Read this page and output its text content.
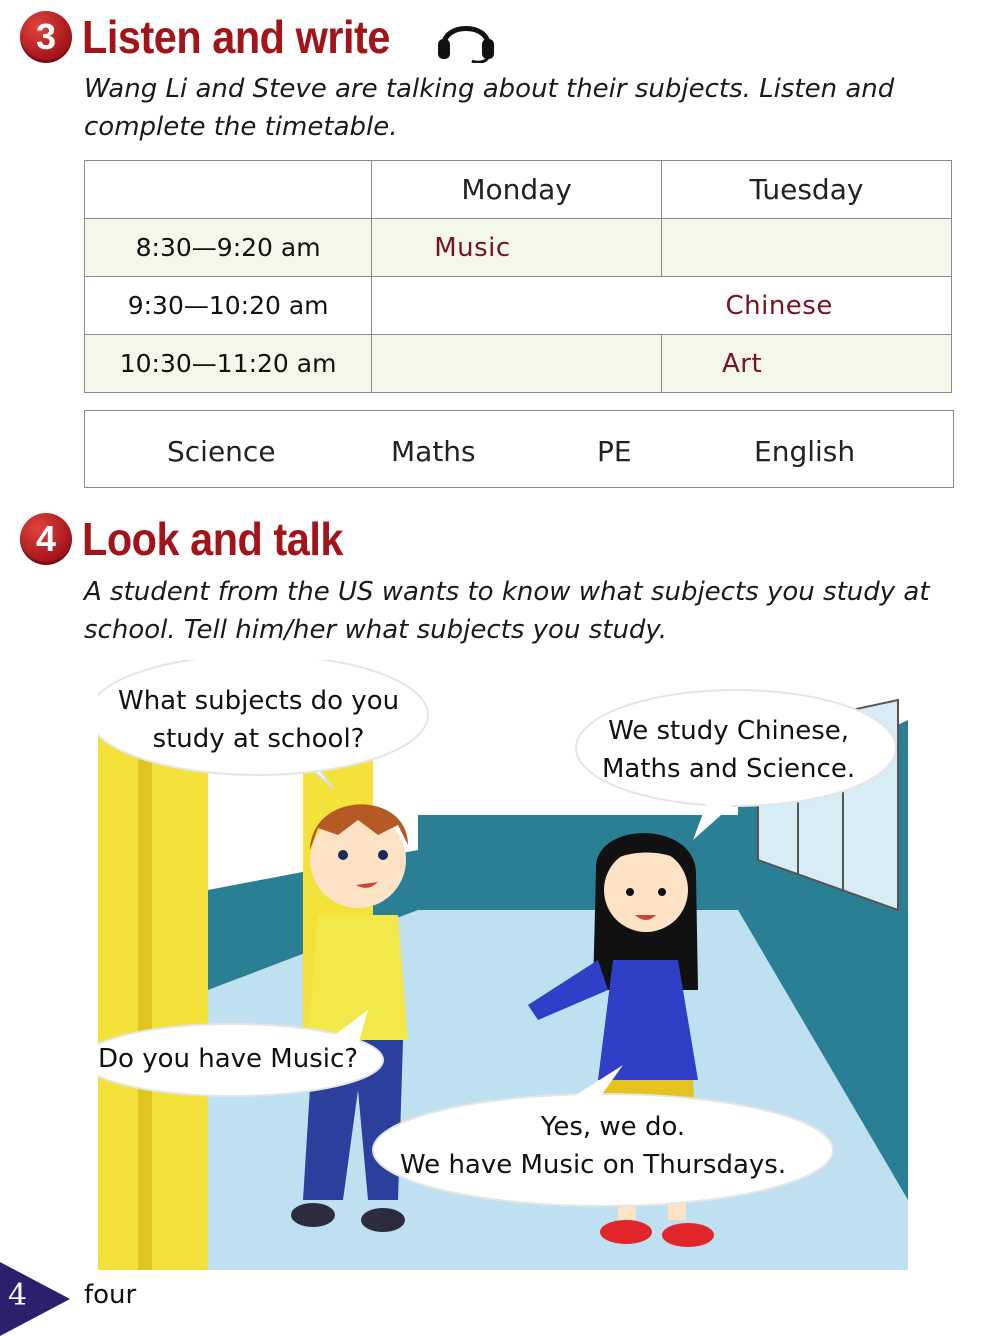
3 Listen and write
Wang Li and Steve are talking about their subjects. Listen and complete the timetable.
	Monday	Tuesday
8:30—9:20 am	Music	
9:30—10:20 am		Chinese
10:30—11:20 am		Art
Science	Maths	PE	English
4 Look and talk
A student from the US wants to know what subjects you study at school. Tell him/her what subjects you study.
What subjects do you
study at school?	We study Chinese,
Maths and Science.
Do you have Music?
Yes, we do.
We have Music on Thursdays.
4 four
